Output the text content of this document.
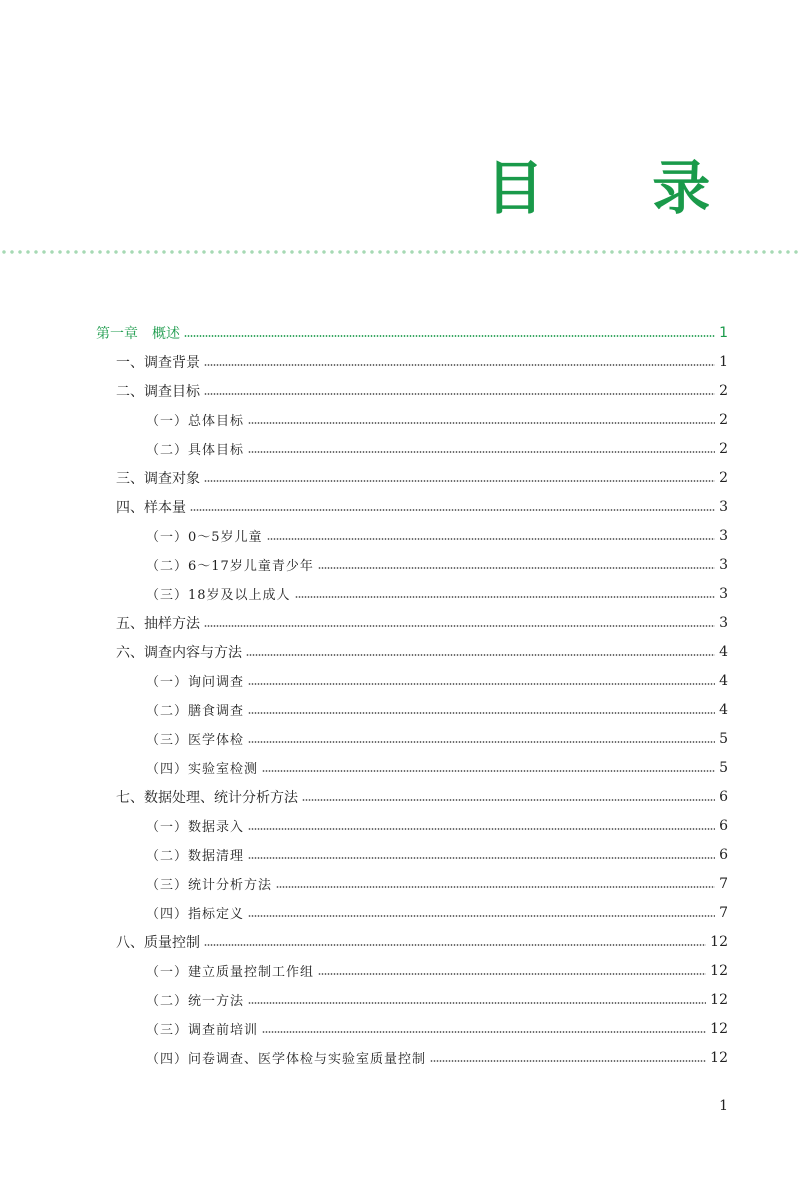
目 录
第一章　概述	1
一、调查背景	1
二、调查目标	2
（一）总体目标	2
（二）具体目标	2
三、调查对象	2
四、样本量	3
（一）0～5岁儿童	3
（二）6～17岁儿童青少年	3
（三）18岁及以上成人	3
五、抽样方法	3
六、调查内容与方法	4
（一）询问调查	4
（二）膳食调查	4
（三）医学体检	5
（四）实验室检测	5
七、数据处理、统计分析方法	6
（一）数据录入	6
（二）数据清理	6
（三）统计分析方法	7
（四）指标定义	7
八、质量控制	12
（一）建立质量控制工作组	12
（二）统一方法	12
（三）调查前培训	12
（四）问卷调查、医学体检与实验室质量控制	12
1
